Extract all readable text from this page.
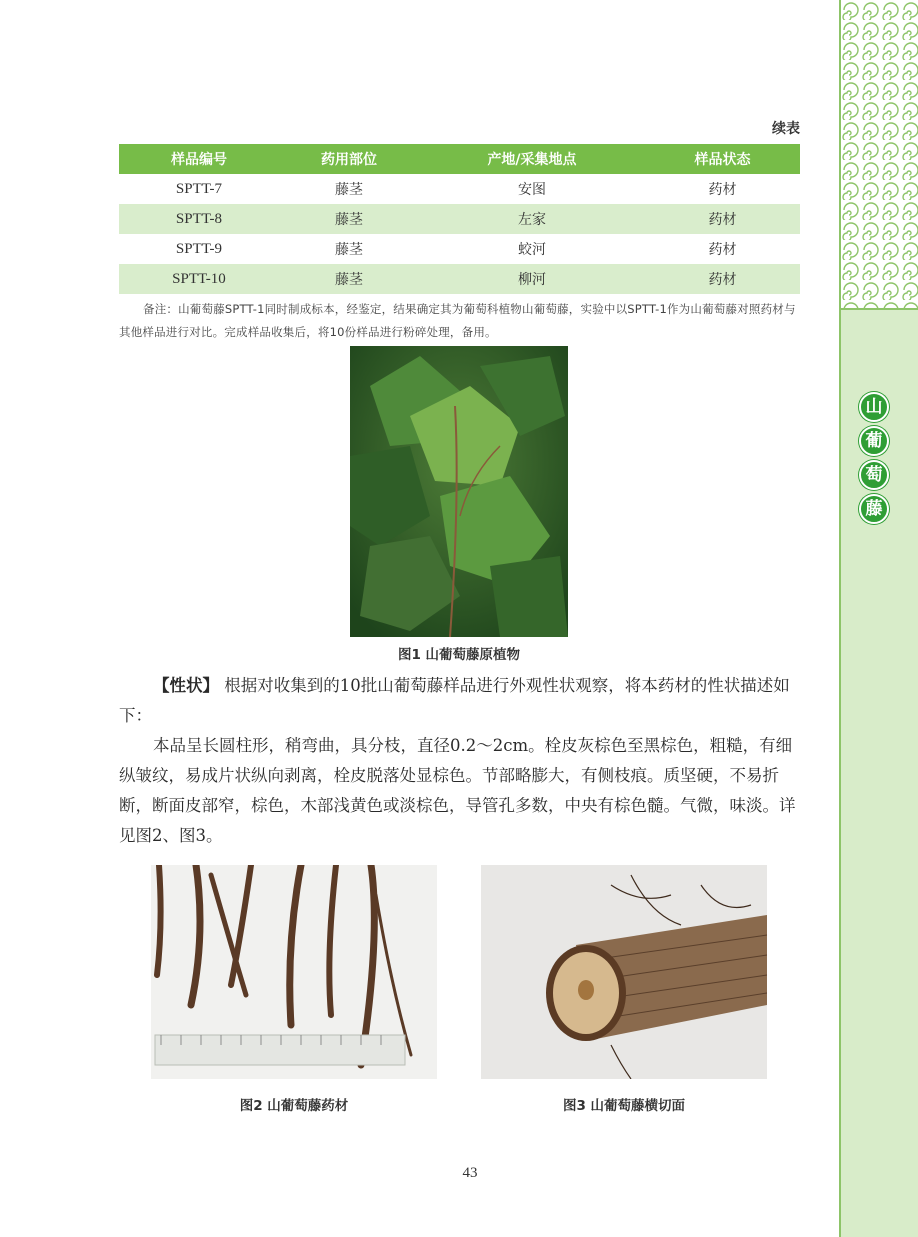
山
葡
萄
藤
续表
样品编号	药用部位	产地/采集地点	样品状态
SPTT-7	藤茎	安图	药材
SPTT-8	藤茎	左家	药材
SPTT-9	藤茎	蛟河	药材
SPTT-10	藤茎	柳河	药材
备注：山葡萄藤SPTT-1同时制成标本，经鉴定，结果确定其为葡萄科植物山葡萄藤，实验中以SPTT-1作为山葡萄藤对照药材与其他样品进行对比。完成样品收集后，将10份样品进行粉碎处理，备用。
图1 山葡萄藤原植物
【性状】 根据对收集到的10批山葡萄藤样品进行外观性状观察，将本药材的性状描述如下：
本品呈长圆柱形，稍弯曲，具分枝，直径0.2～2cm。栓皮灰棕色至黑棕色，粗糙，有细纵皱纹，易成片状纵向剥离，栓皮脱落处显棕色。节部略膨大，有侧枝痕。质坚硬，不易折断，断面皮部窄，棕色，木部浅黄色或淡棕色，导管孔多数，中央有棕色髓。气微，味淡。详见图2、图3。
图2 山葡萄藤药材	图3 山葡萄藤横切面
43
